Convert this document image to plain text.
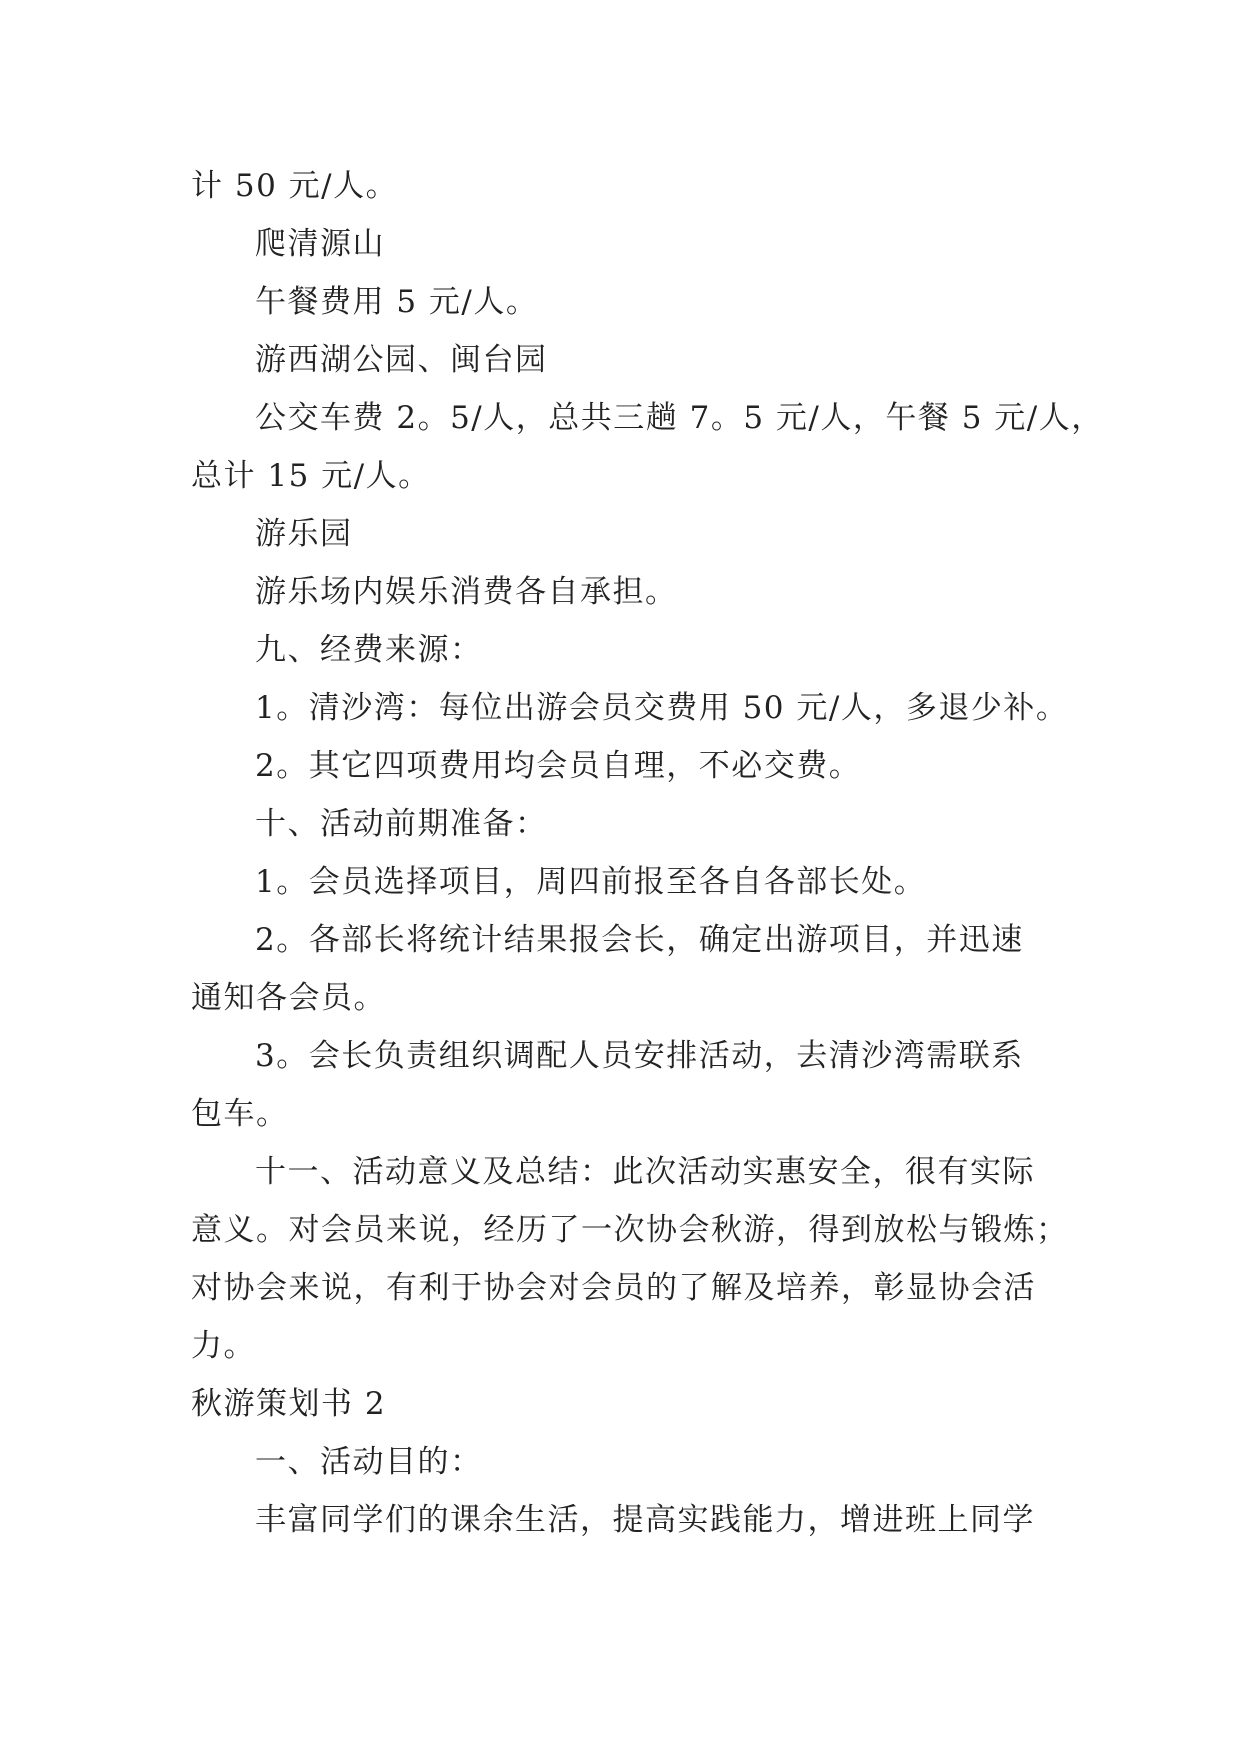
计 50 元/人。
爬清源山
午餐费用 5 元/人。
游西湖公园、闽台园
公交车费 2。5/人，总共三趟 7。5 元/人，午餐 5 元/人，
总计 15 元/人。
游乐园
游乐场内娱乐消费各自承担。
九、经费来源：
1。清沙湾：每位出游会员交费用 50 元/人，多退少补。
2。其它四项费用均会员自理，不必交费。
十、活动前期准备：
1。会员选择项目，周四前报至各自各部长处。
2。各部长将统计结果报会长，确定出游项目，并迅速
通知各会员。
3。会长负责组织调配人员安排活动，去清沙湾需联系
包车。
十一、活动意义及总结：此次活动实惠安全，很有实际
意义。对会员来说，经历了一次协会秋游，得到放松与锻炼；
对协会来说，有利于协会对会员的了解及培养，彰显协会活
力。
秋游策划书 2
一、活动目的：
丰富同学们的课余生活，提高实践能力，增进班上同学
